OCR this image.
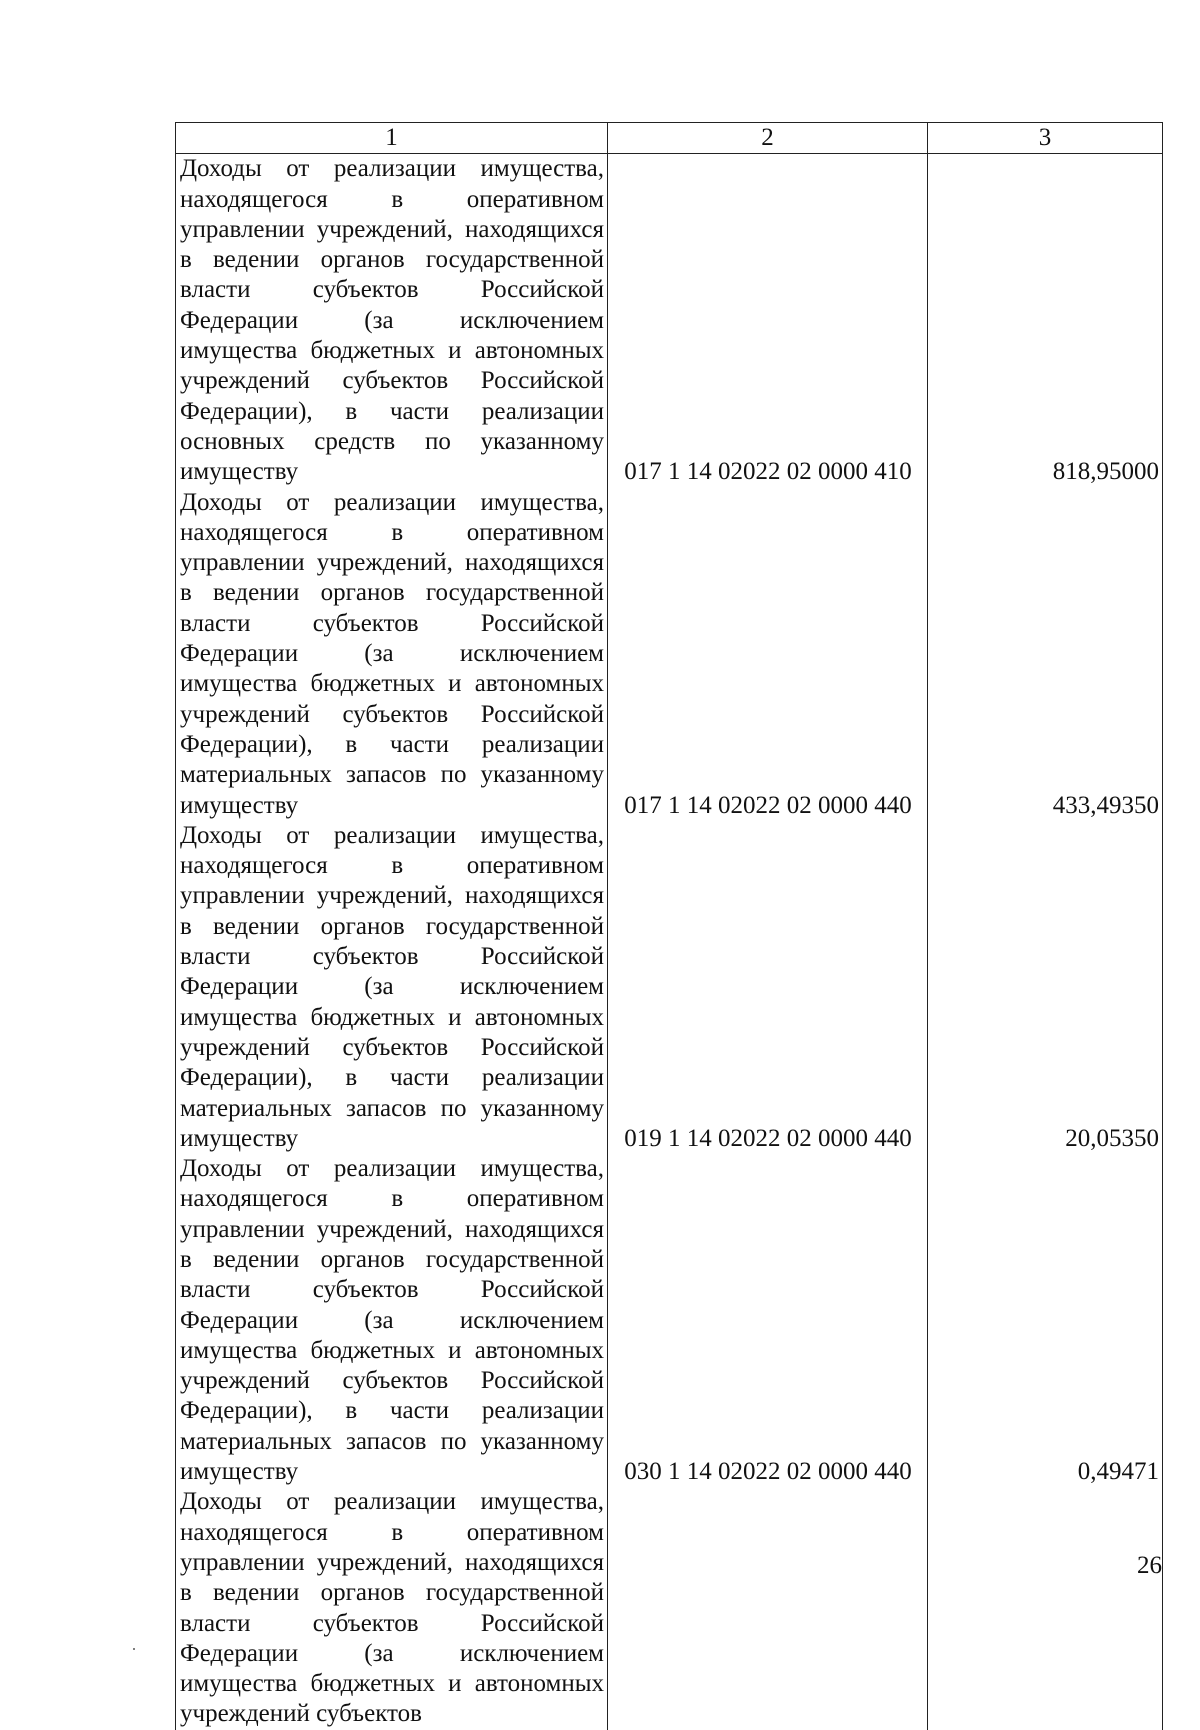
1	2	3
Доходы от реализации имущества, находящегося в оперативном управлении учреждений, находящихся в ведении органов государственной власти субъектов Российской Федерации (за исключением имущества бюджетных и автономных учреждений субъектов Российской Федерации), в части реализации основных средств по указанному имуществу	017 1 14 02022 02 0000 410	818,95000
Доходы от реализации имущества, находящегося в оперативном управлении учреждений, находящихся в ведении органов государственной власти субъектов Российской Федерации (за исключением имущества бюджетных и автономных учреждений субъектов Российской Федерации), в части реализации материальных запасов по указанному имуществу	017 1 14 02022 02 0000 440	433,49350
Доходы от реализации имущества, находящегося в оперативном управлении учреждений, находящихся в ведении органов государственной власти субъектов Российской Федерации (за исключением имущества бюджетных и автономных учреждений субъектов Российской Федерации), в части реализации материальных запасов по указанному имуществу	019 1 14 02022 02 0000 440	20,05350
Доходы от реализации имущества, находящегося в оперативном управлении учреждений, находящихся в ведении органов государственной власти субъектов Российской Федерации (за исключением имущества бюджетных и автономных учреждений субъектов Российской Федерации), в части реализации материальных запасов по указанному имуществу	030 1 14 02022 02 0000 440	0,49471
Доходы от реализации имущества, находящегося в оперативном управлении учреждений, находящихся в ведении органов государственной власти субъектов Российской Федерации (за исключением имущества бюджетных и автономных учреждений субъектов		
26
